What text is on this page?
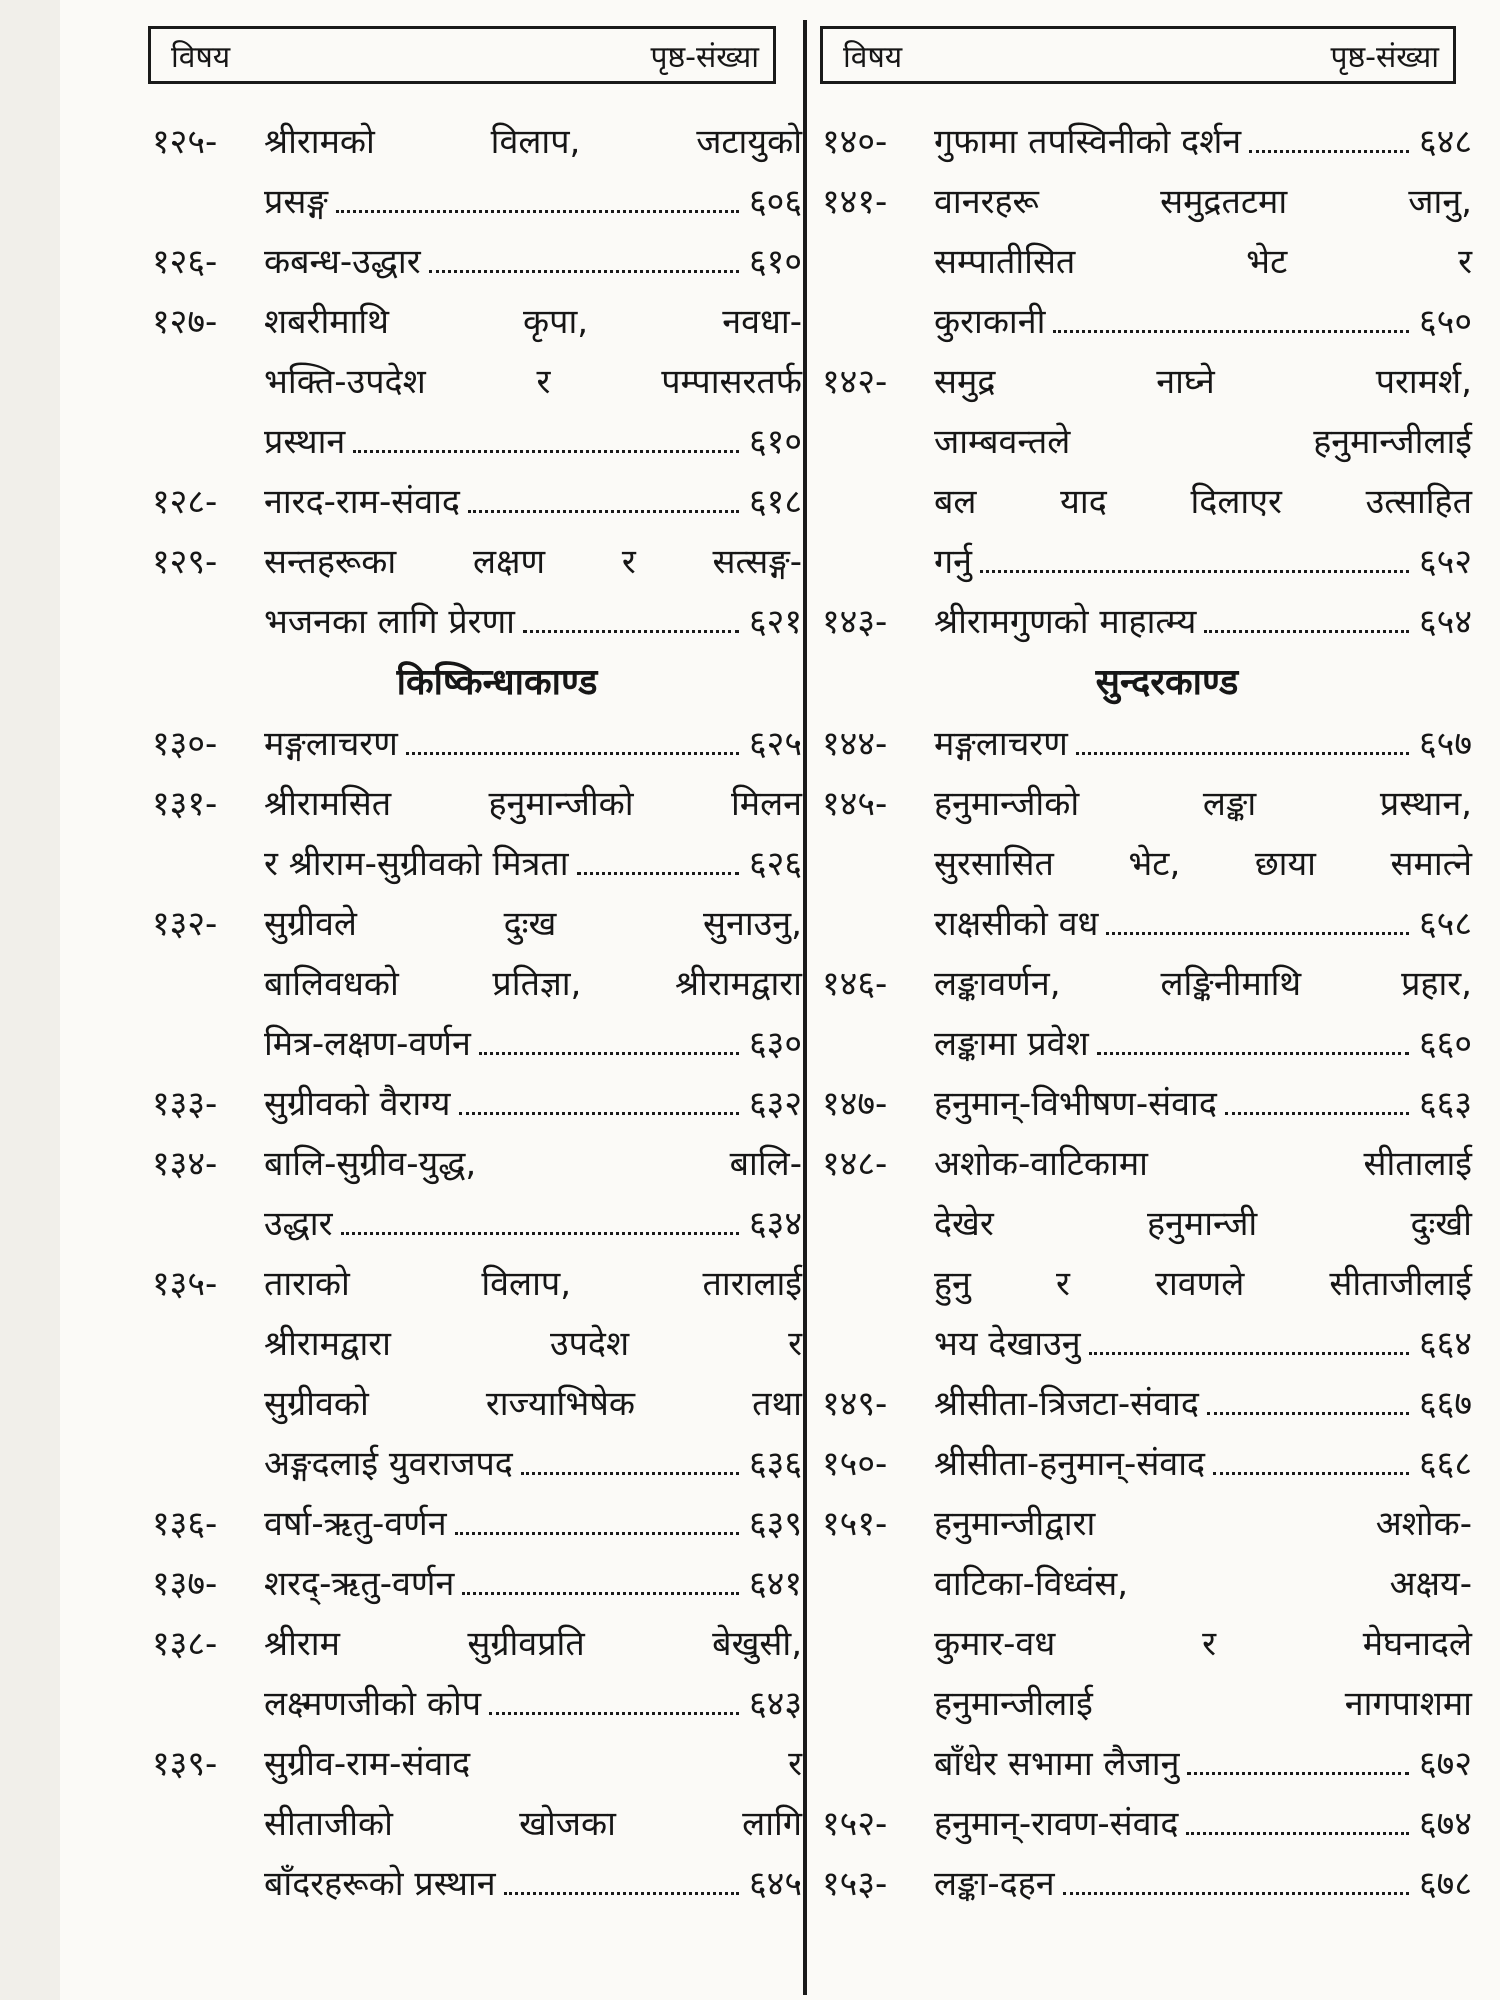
विषय	पृष्ठ-संख्या	विषय	पृष्ठ-संख्या
१२५-	श्रीरामको	विलाप,	जटायुको
प्रसङ्ग	६०६
१२६-	कबन्ध-उद्धार	६१०
१२७-	शबरीमाथि	कृपा,	नवधा-
भक्ति-उपदेश	र	पम्पासरतर्फ
प्रस्थान	६१०
१२८-	नारद-राम-संवाद	६१८
१२९-	सन्तहरूका लक्षण र सत्सङ्ग-
भजनका लागि प्रेरणा	६२१
किष्किन्धाकाण्ड
१३०-	मङ्गलाचरण	६२५
१३१-	श्रीरामसित	हनुमान्जीको	मिलन
र श्रीराम-सुग्रीवको मित्रता	६२६
१३२-	सुग्रीवले	दुःख	सुनाउनु,
बालिवधको	प्रतिज्ञा,	श्रीरामद्वारा
मित्र-लक्षण-वर्णन	६३०
१३३-	सुग्रीवको वैराग्य	६३२
१३४-	बालि-सुग्रीव-युद्ध,	बालि-
उद्धार	६३४
१३५-	ताराको	विलाप,	तारालाई
श्रीरामद्वारा	उपदेश	र
सुग्रीवको	राज्याभिषेक	तथा
अङ्गदलाई युवराजपद	६३६
१३६-	वर्षा-ऋतु-वर्णन	६३९
१३७-	शरद्-ऋतु-वर्णन	६४१
१३८-	श्रीराम	सुग्रीवप्रति	बेखुसी,
लक्ष्मणजीको कोप	६४३
१३९-	सुग्रीव-राम-संवाद	र
सीताजीको	खोजका	लागि
बाँदरहरूको प्रस्थान	६४५
१४०-	गुफामा तपस्विनीको दर्शन	६४८
१४१-	वानरहरू	समुद्रतटमा	जानु,
सम्पातीसित	भेट	र
कुराकानी	६५०
१४२-	समुद्र	नाघ्ने	परामर्श,
जाम्बवन्तले	हनुमान्जीलाई
बल याद दिलाएर उत्साहित
गर्नु	६५२
१४३-	श्रीरामगुणको माहात्म्य	६५४
सुन्दरकाण्ड
१४४-	मङ्गलाचरण	६५७
१४५-	हनुमान्जीको	लङ्का	प्रस्थान,
सुरसासित भेट, छाया समात्ने
राक्षसीको वध	६५८
१४६-	लङ्कावर्णन,	लङ्किनीमाथि	प्रहार,
लङ्कामा प्रवेश	६६०
१४७-	हनुमान्-विभीषण-संवाद	६६३
१४८-	अशोक-वाटिकामा	सीतालाई
देखेर	हनुमान्जी	दुःखी
हुनु	र	रावणले	सीताजीलाई
भय देखाउनु	६६४
१४९-	श्रीसीता-त्रिजटा-संवाद	६६७
१५०-	श्रीसीता-हनुमान्-संवाद	६६८
१५१-	हनुमान्जीद्वारा	अशोक-
वाटिका-विध्वंस,	अक्षय-
कुमार-वध	र	मेघनादले
हनुमान्जीलाई	नागपाशमा
बाँधेर सभामा लैजानु	६७२
१५२-	हनुमान्-रावण-संवाद	६७४
१५३-	लङ्का-दहन	६७८
